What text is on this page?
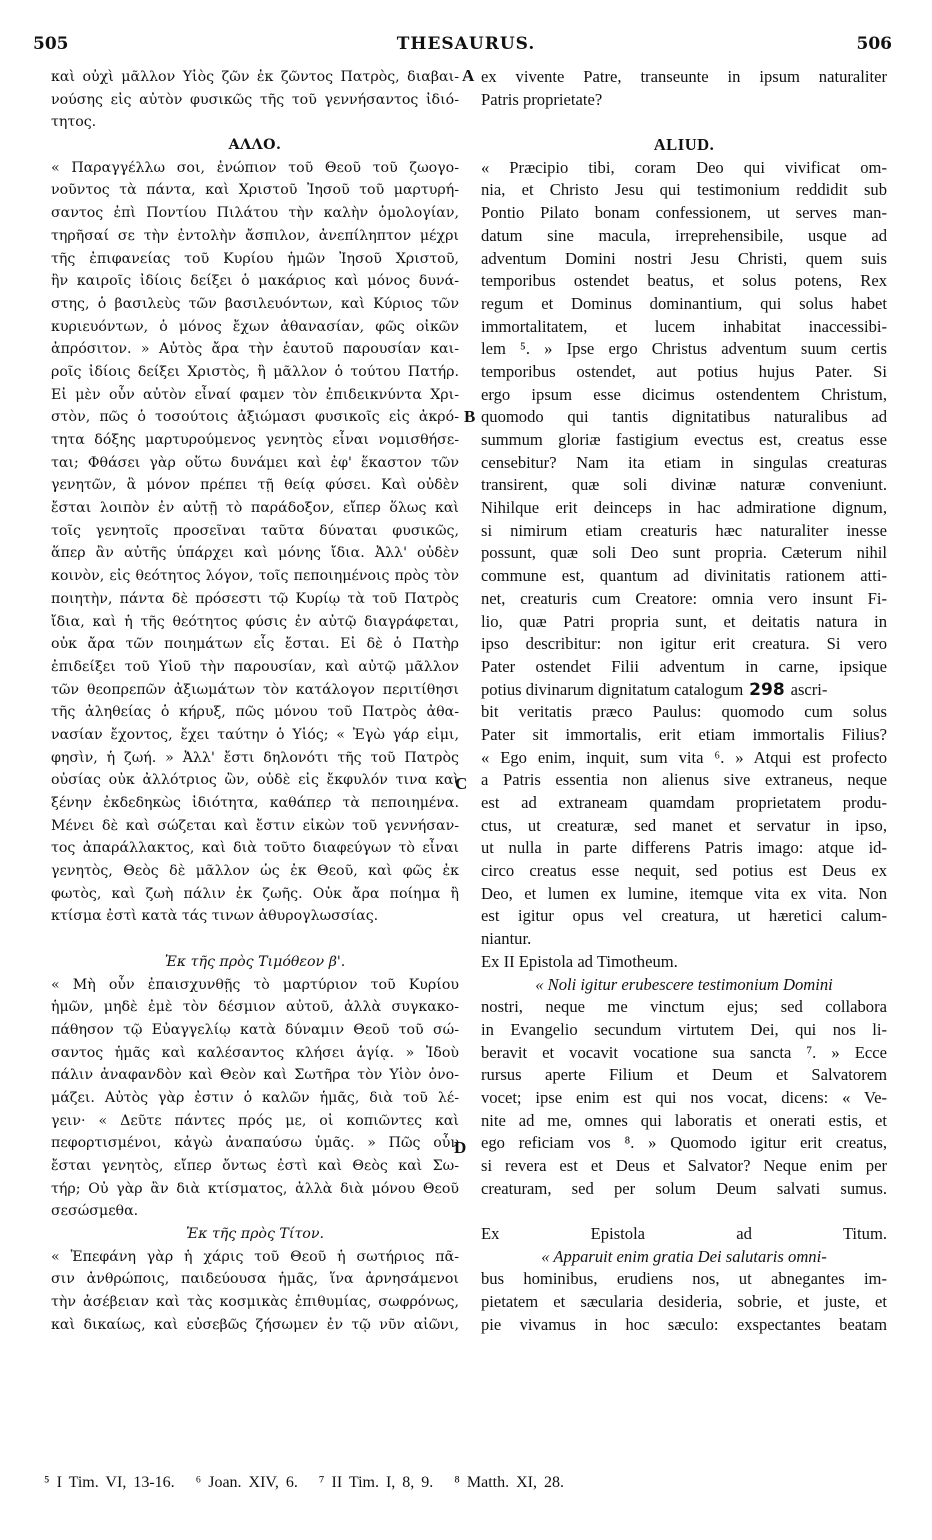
505	THESAURUS.	506
καὶ οὐχὶ μᾶλλον Υἱὸς ζῶν ἐκ ζῶντος Πατρὸς, διαβαι-
νούσης εἰς αὐτὸν φυσικῶς τῆς τοῦ γεννήσαντος ἰδιό-
τητος.
ΑΛΛΟ.
« Παραγγέλλω σοι, ἐνώπιον τοῦ Θεοῦ τοῦ ζωογο-
νοῦντος τὰ πάντα, καὶ Χριστοῦ Ἰησοῦ τοῦ μαρτυρή-
σαντος ἐπὶ Ποντίου Πιλάτου τὴν καλὴν ὁμολογίαν,
τηρῆσαί σε τὴν ἐντολὴν ἄσπιλον, ἀνεπίληπτον μέχρι
τῆς ἐπιφανείας τοῦ Κυρίου ἡμῶν Ἰησοῦ Χριστοῦ,
ἣν καιροῖς ἰδίοις δείξει ὁ μακάριος καὶ μόνος δυνά-
στης, ὁ βασιλεὺς τῶν βασιλευόντων, καὶ Κύριος τῶν
κυριευόντων, ὁ μόνος ἔχων ἀθανασίαν, φῶς οἰκῶν
ἀπρόσιτον. » Αὐτὸς ἄρα τὴν ἑαυτοῦ παρουσίαν και-
ροῖς ἰδίοις δείξει Χριστὸς, ἢ μᾶλλον ὁ τούτου Πατήρ.
Εἰ μὲν οὖν αὐτὸν εἶναί φαμεν τὸν ἐπιδεικνύντα Χρι-
στὸν, πῶς ὁ τοσούτοις ἀξιώμασι φυσικοῖς εἰς ἀκρό-
τητα δόξης μαρτυρούμενος γενητὸς εἶναι νομισθήσε-
ται; Φθάσει γὰρ οὕτω δυνάμει καὶ ἐφ' ἕκαστον τῶν
γενητῶν, ἃ μόνον πρέπει τῇ θείᾳ φύσει. Καὶ οὐδὲν
ἔσται λοιπὸν ἐν αὐτῇ τὸ παράδοξον, εἴπερ ὅλως καὶ
τοῖς γενητοῖς προσεῖναι ταῦτα δύναται φυσικῶς,
ἅπερ ἂν αὐτῆς ὑπάρχει καὶ μόνης ἴδια. Ἀλλ' οὐδὲν
κοινὸν, εἰς θεότητος λόγον, τοῖς πεποιημένοις πρὸς τὸν
ποιητὴν, πάντα δὲ πρόσεστι τῷ Κυρίῳ τὰ τοῦ Πατρὸς
ἴδια, καὶ ἡ τῆς θεότητος φύσις ἐν αὐτῷ διαγράφεται,
οὐκ ἄρα τῶν ποιημάτων εἷς ἔσται. Εἰ δὲ ὁ Πατὴρ
ἐπιδείξει τοῦ Υἱοῦ τὴν παρουσίαν, καὶ αὐτῷ μᾶλλον
τῶν θεοπρεπῶν ἀξιωμάτων τὸν κατάλογον περιτίθησι
τῆς ἀληθείας ὁ κήρυξ, πῶς μόνου τοῦ Πατρὸς ἀθα-
νασίαν ἔχοντος, ἔχει ταύτην ὁ Υἱός; « Ἐγὼ γάρ εἰμι,
φησὶν, ἡ ζωή. » Ἀλλ' ἔστι δηλονότι τῆς τοῦ Πατρὸς
οὐσίας οὐκ ἀλλότριος ὢν, οὐδὲ εἰς ἔκφυλόν τινα καὶ
ξένην ἐκδεδηκὼς ἰδιότητα, καθάπερ τὰ πεποιημένα.
Μένει δὲ καὶ σώζεται καὶ ἔστιν εἰκὼν τοῦ γεννήσαν-
τος ἀπαράλλακτος, καὶ διὰ τοῦτο διαφεύγων τὸ εἶναι
γενητὸς, Θεὸς δὲ μᾶλλον ὡς ἐκ Θεοῦ, καὶ φῶς ἐκ
φωτὸς, καὶ ζωὴ πάλιν ἐκ ζωῆς. Οὐκ ἄρα ποίημα ἢ
κτίσμα ἐστὶ κατὰ τάς τινων ἀθυρογλωσσίας.
Ἐκ τῆς πρὸς Τιμόθεον β'.
« Μὴ οὖν ἐπαισχυνθῇς τὸ μαρτύριον τοῦ Κυρίου
ἡμῶν, μηδὲ ἐμὲ τὸν δέσμιον αὐτοῦ, ἀλλὰ συγκακο-
πάθησον τῷ Εὐαγγελίῳ κατὰ δύναμιν Θεοῦ τοῦ σώ-
σαντος ἡμᾶς καὶ καλέσαντος κλήσει ἁγίᾳ. » Ἰδοὺ
πάλιν ἀναφανδὸν καὶ Θεὸν καὶ Σωτῆρα τὸν Υἱὸν ὀνο-
μάζει. Αὐτὸς γὰρ ἐστιν ὁ καλῶν ἡμᾶς, διὰ τοῦ λέ-
γειν· « Δεῦτε πάντες πρός με, οἱ κοπιῶντες καὶ
πεφορτισμένοι, κἀγὼ ἀναπαύσω ὑμᾶς. » Πῶς οὖν
ἔσται γενητὸς, εἴπερ ὄντως ἐστὶ καὶ Θεὸς καὶ Σω-
τήρ; Οὐ γὰρ ἂν διὰ κτίσματος, ἀλλὰ διὰ μόνου Θεοῦ
σεσώσμεθα.
Ἐκ τῆς πρὸς Τίτον.
« Ἐπεφάνη γὰρ ἡ χάρις τοῦ Θεοῦ ἡ σωτήριος πᾶ-
σιν ἀνθρώποις, παιδεύουσα ἡμᾶς, ἵνα ἀρνησάμενοι
τὴν ἀσέβειαν καὶ τὰς κοσμικὰς ἐπιθυμίας, σωφρόνως,
καὶ δικαίως, καὶ εὐσεβῶς ζήσωμεν ἐν τῷ νῦν αἰῶνι,
ex vivente Patre, transeunte in ipsum naturaliter
Patris proprietate?
ALIUD.
« Præcipio tibi, coram Deo qui vivificat om-
nia, et Christo Jesu qui testimonium reddidit sub
Pontio Pilato bonam confessionem, ut serves man-
datum sine macula, irreprehensibile, usque ad
adventum Domini nostri Jesu Christi, quem suis
temporibus ostendet beatus, et solus potens, Rex
regum et Dominus dominantium, qui solus habet
immortalitatem, et lucem inhabitat inaccessibi-
lem ⁵. » Ipse ergo Christus adventum suum certis
temporibus ostendet, aut potius hujus Pater. Si
ergo ipsum esse dicimus ostendentem Christum,
quomodo qui tantis dignitatibus naturalibus ad
summum gloriæ fastigium evectus est, creatus esse
censebitur? Nam ita etiam in singulas creaturas
transirent, quæ soli divinæ naturæ conveniunt.
Nihilque erit deinceps in hac admiratione dignum,
si nimirum etiam creaturis hæc naturaliter inesse
possunt, quæ soli Deo sunt propria. Cæterum nihil
commune est, quantum ad divinitatis rationem atti-
net, creaturis cum Creatore: omnia vero insunt Fi-
lio, quæ Patri propria sunt, et deitatis natura in
ipso describitur: non igitur erit creatura. Si vero
Pater ostendet Filii adventum in carne, ipsique
potius divinarum dignitatum catalogum 298 ascri-
bit veritatis præco Paulus: quomodo cum solus
Pater sit immortalis, erit etiam immortalis Filius?
« Ego enim, inquit, sum vita ⁶. » Atqui est profecto
a Patris essentia non alienus sive extraneus, neque
est ad extraneam quamdam proprietatem produ-
ctus, ut creaturæ, sed manet et servatur in ipso,
ut nulla in parte differens Patris imago: atque id-
circo creatus esse nequit, sed potius est Deus ex
Deo, et lumen ex lumine, itemque vita ex vita. Non
est igitur opus vel creatura, ut hæretici calum-
niantur.
Ex II Epistola ad Timotheum.
« Noli igitur erubescere testimonium Domini
nostri, neque me vinctum ejus; sed collabora
in Evangelio secundum virtutem Dei, qui nos li-
beravit et vocavit vocatione sua sancta ⁷. » Ecce
rursus aperte Filium et Deum et Salvatorem
vocet; ipse enim est qui nos vocat, dicens: « Ve-
nite ad me, omnes qui laboratis et onerati estis, et
ego reficiam vos ⁸. » Quomodo igitur erit creatus,
si revera est et Deus et Salvator? Neque enim per
creaturam, sed per solum Deum salvati sumus.
Ex Epistola ad Titum.
« Apparuit enim gratia Dei salutaris omni-
bus hominibus, erudiens nos, ut abnegantes im-
pietatem et sæcularia desideria, sobrie, et juste, et
pie vivamus in hoc sæculo: exspectantes beatam
A
B
C
D
⁵ I Tim. VI, 13-16. ⁶ Joan. XIV, 6. ⁷ II Tim. I, 8, 9. ⁸ Matth. XI, 28.
